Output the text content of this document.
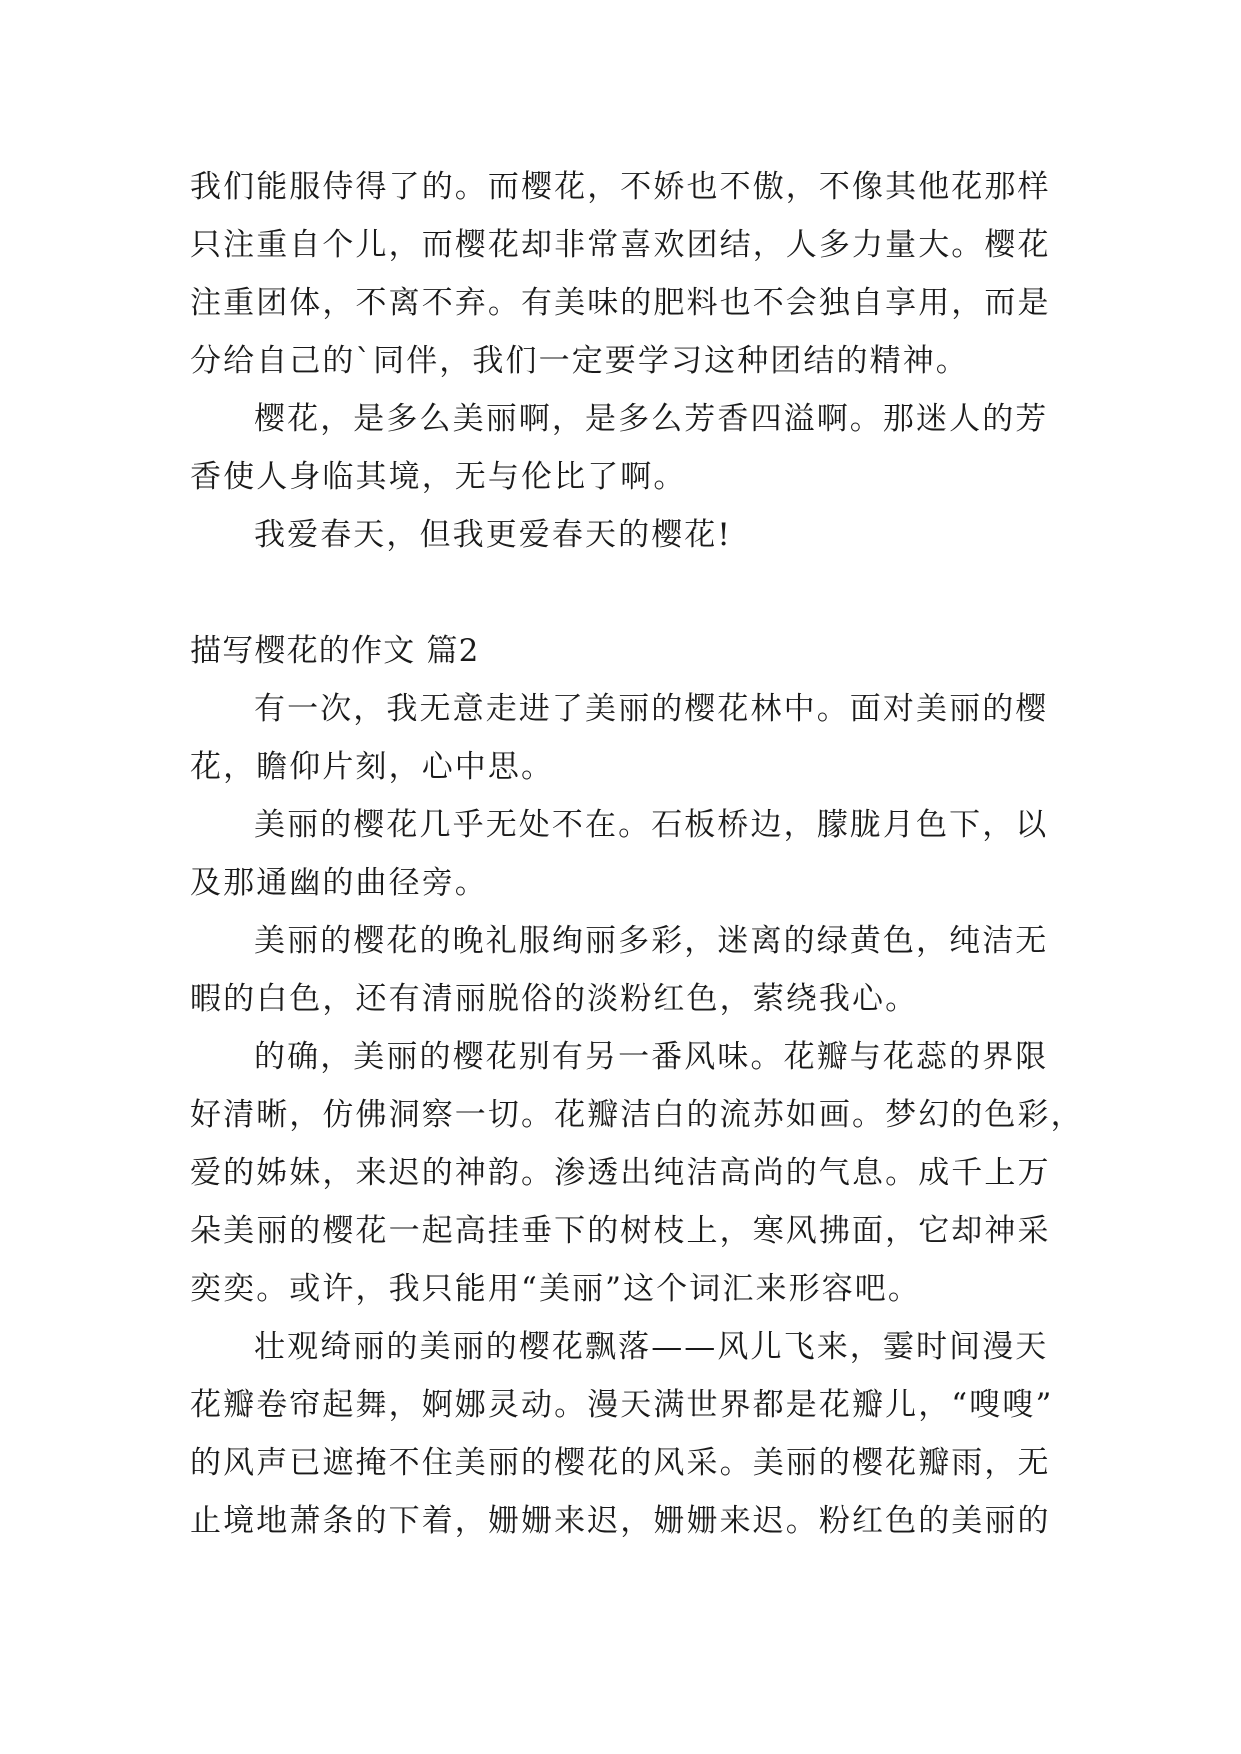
我们能服侍得了的。而樱花，不娇也不傲，不像其他花那样
只注重自个儿，而樱花却非常喜欢团结，人多力量大。樱花
注重团体，不离不弃。有美味的肥料也不会独自享用，而是
分给自己的`同伴，我们一定要学习这种团结的精神。
樱花，是多么美丽啊，是多么芳香四溢啊。那迷人的芳
香使人身临其境，无与伦比了啊。
我爱春天，但我更爱春天的樱花!
描写樱花的作文 篇2
有一次，我无意走进了美丽的樱花林中。面对美丽的樱
花，瞻仰片刻，心中思。
美丽的樱花几乎无处不在。石板桥边，朦胧月色下，以
及那通幽的曲径旁。
美丽的樱花的晚礼服绚丽多彩，迷离的绿黄色，纯洁无
暇的白色，还有清丽脱俗的淡粉红色，萦绕我心。
的确，美丽的樱花别有另一番风味。花瓣与花蕊的界限
好清晰，仿佛洞察一切。花瓣洁白的流苏如画。梦幻的色彩，
爱的姊妹，来迟的神韵。渗透出纯洁高尚的气息。成千上万
朵美丽的樱花一起高挂垂下的树枝上，寒风拂面，它却神采
奕奕。或许，我只能用“美丽”这个词汇来形容吧。
壮观绮丽的美丽的樱花飘落——风儿飞来，霎时间漫天
花瓣卷帘起舞，婀娜灵动。漫天满世界都是花瓣儿，“嗖嗖”
的风声已遮掩不住美丽的樱花的风采。美丽的樱花瓣雨，无
止境地萧条的下着，姗姗来迟，姗姗来迟。粉红色的美丽的
